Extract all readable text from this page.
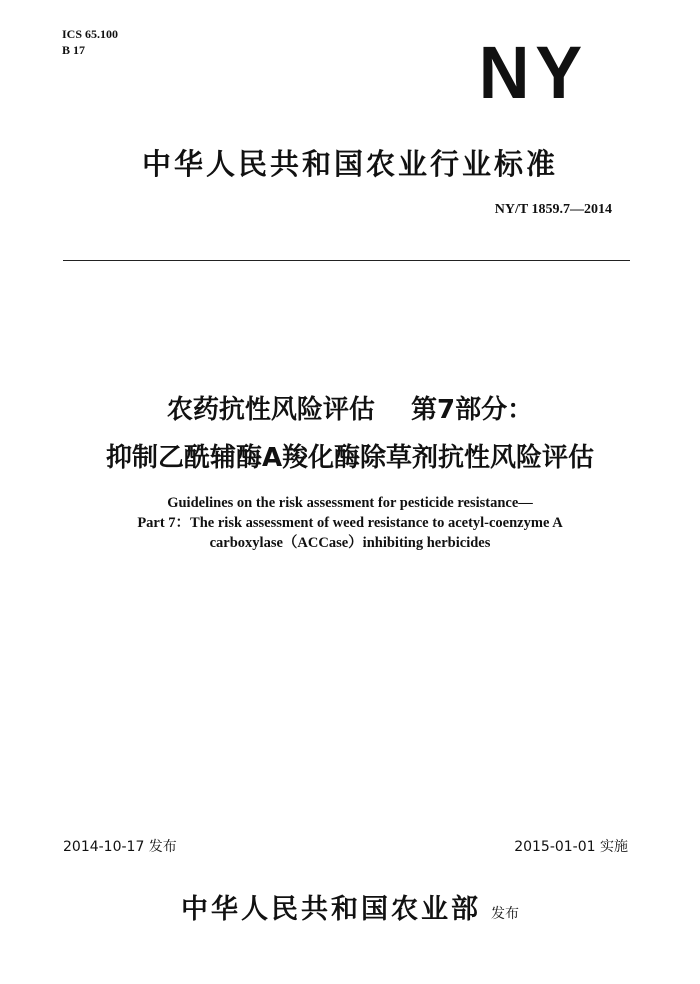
ICS 65.100
B 17	NY
中华人民共和国农业行业标准
NY/T 1859.7—2014
农药抗性风险评估    第7部分：
抑制乙酰辅酶A羧化酶除草剂抗性风险评估
Guidelines on the risk assessment for pesticide resistance—
Part 7：The risk assessment of weed resistance to acetyl-coenzyme A
carboxylase（ACCase）inhibiting herbicides
2014-10-17 发布	2015-01-01 实施
中华人民共和国农业部 发布
